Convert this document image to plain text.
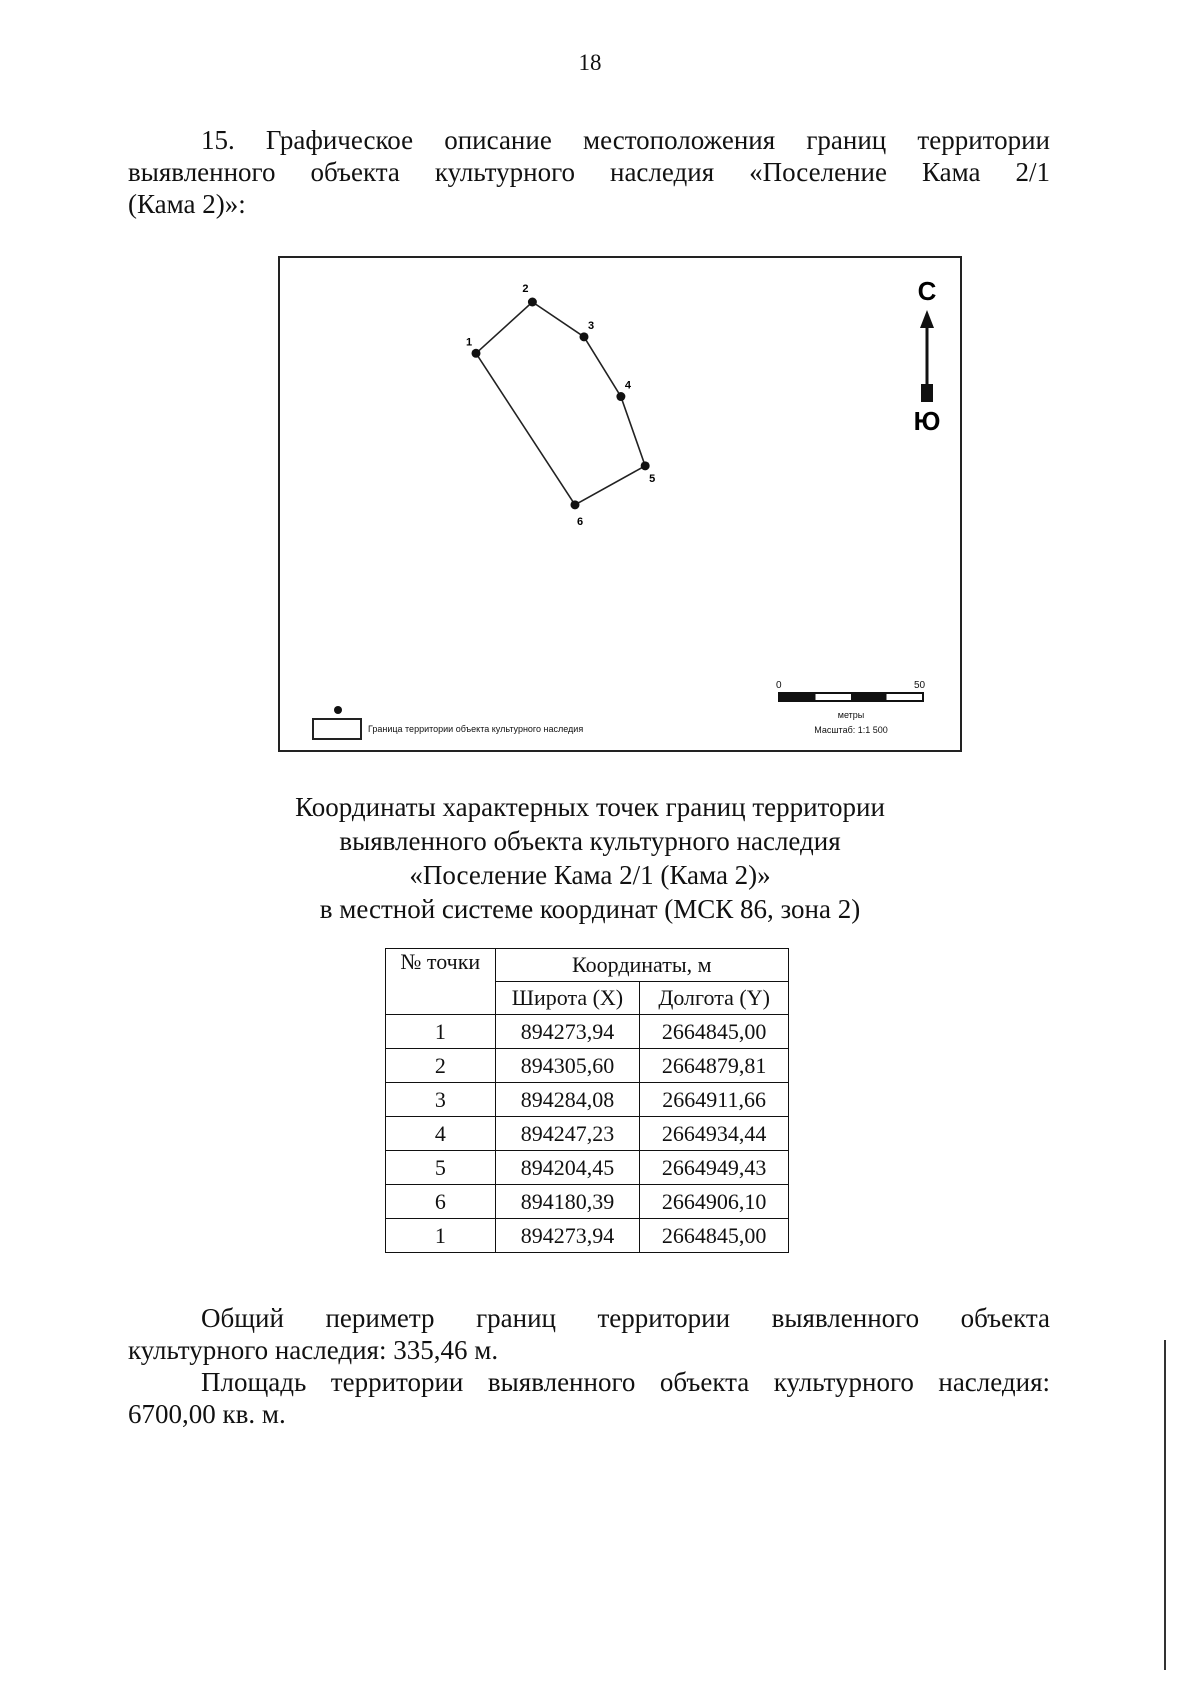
18
15. Графическое описание местоположения границ территории
выявленного объекта культурного наследия «Поселение Кама 2/1
(Кама 2)»:
1
2
3
4
5
6
С
Ю
Граница территории объекта культурного наследия
0	50
метры
Масштаб: 1:1 500
Координаты характерных точек границ территории
выявленного объекта культурного наследия
«Поселение Кама 2/1 (Кама 2)»
в местной системе координат (МСК 86, зона 2)
№ точки	Координаты, м	
	Широта (X)	Долгота (Y)
1	894273,94	2664845,00
2	894305,60	2664879,81
3	894284,08	2664911,66
4	894247,23	2664934,44
5	894204,45	2664949,43
6	894180,39	2664906,10
1	894273,94	2664845,00
Общий периметр границ территории выявленного объекта
культурного наследия: 335,46 м.
Площадь территории выявленного объекта культурного наследия:
6700,00 кв. м.
